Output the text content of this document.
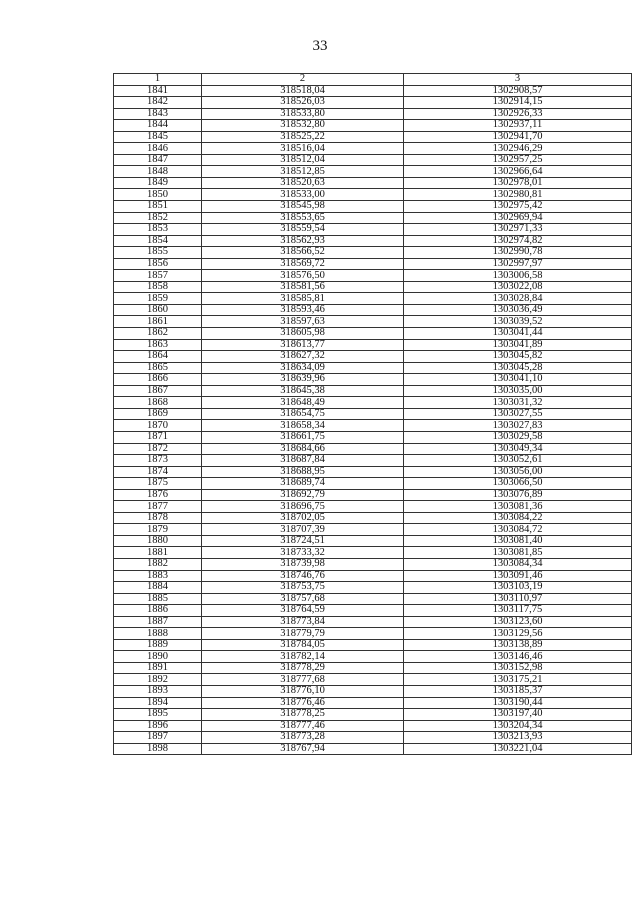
33
1	2	3
1841	318518,04	1302908,57
1842	318526,03	1302914,15
1843	318533,80	1302926,33
1844	318532,80	1302937,11
1845	318525,22	1302941,70
1846	318516,04	1302946,29
1847	318512,04	1302957,25
1848	318512,85	1302966,64
1849	318520,63	1302978,01
1850	318533,00	1302980,81
1851	318545,98	1302975,42
1852	318553,65	1302969,94
1853	318559,54	1302971,33
1854	318562,93	1302974,82
1855	318566,52	1302990,78
1856	318569,72	1302997,97
1857	318576,50	1303006,58
1858	318581,56	1303022,08
1859	318585,81	1303028,84
1860	318593,46	1303036,49
1861	318597,63	1303039,52
1862	318605,98	1303041,44
1863	318613,77	1303041,89
1864	318627,32	1303045,82
1865	318634,09	1303045,28
1866	318639,96	1303041,10
1867	318645,38	1303035,00
1868	318648,49	1303031,32
1869	318654,75	1303027,55
1870	318658,34	1303027,83
1871	318661,75	1303029,58
1872	318684,66	1303049,34
1873	318687,84	1303052,61
1874	318688,95	1303056,00
1875	318689,74	1303066,50
1876	318692,79	1303076,89
1877	318696,75	1303081,36
1878	318702,05	1303084,22
1879	318707,39	1303084,72
1880	318724,51	1303081,40
1881	318733,32	1303081,85
1882	318739,98	1303084,34
1883	318746,76	1303091,46
1884	318753,75	1303103,19
1885	318757,68	1303110,97
1886	318764,59	1303117,75
1887	318773,84	1303123,60
1888	318779,79	1303129,56
1889	318784,05	1303138,89
1890	318782,14	1303146,46
1891	318778,29	1303152,98
1892	318777,68	1303175,21
1893	318776,10	1303185,37
1894	318776,46	1303190,44
1895	318778,25	1303197,40
1896	318777,46	1303204,34
1897	318773,28	1303213,93
1898	318767,94	1303221,04
